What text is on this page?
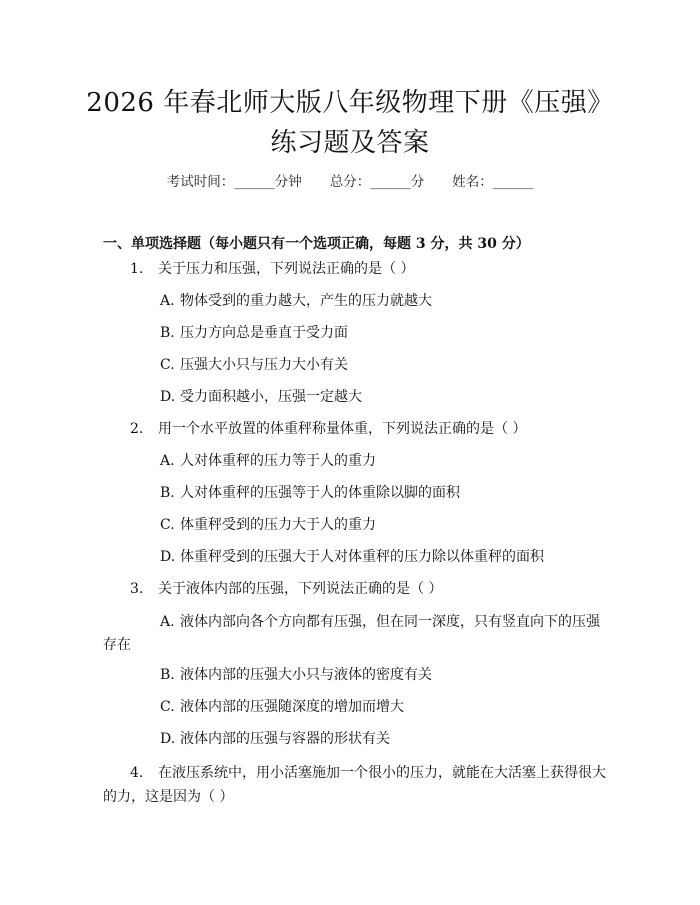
2026 年春北师大版八年级物理下册《压强》
练习题及答案
考试时间：______分钟 总分：______分 姓名：______
一、单项选择题（每小题只有一个选项正确，每题 3 分，共 30 分）
1. 关于压力和压强，下列说法正确的是（ ）
A. 物体受到的重力越大，产生的压力就越大
B. 压力方向总是垂直于受力面
C. 压强大小只与压力大小有关
D. 受力面积越小，压强一定越大
2. 用一个水平放置的体重秤称量体重，下列说法正确的是（ ）
A. 人对体重秤的压力等于人的重力
B. 人对体重秤的压强等于人的体重除以脚的面积
C. 体重秤受到的压力大于人的重力
D. 体重秤受到的压强大于人对体重秤的压力除以体重秤的面积
3. 关于液体内部的压强，下列说法正确的是（ ）
A. 液体内部向各个方向都有压强，但在同一深度，只有竖直向下的压强
存在
B. 液体内部的压强大小只与液体的密度有关
C. 液体内部的压强随深度的增加而增大
D. 液体内部的压强与容器的形状有关
4. 在液压系统中，用小活塞施加一个很小的压力，就能在大活塞上获得很大
的力，这是因为（ ）
